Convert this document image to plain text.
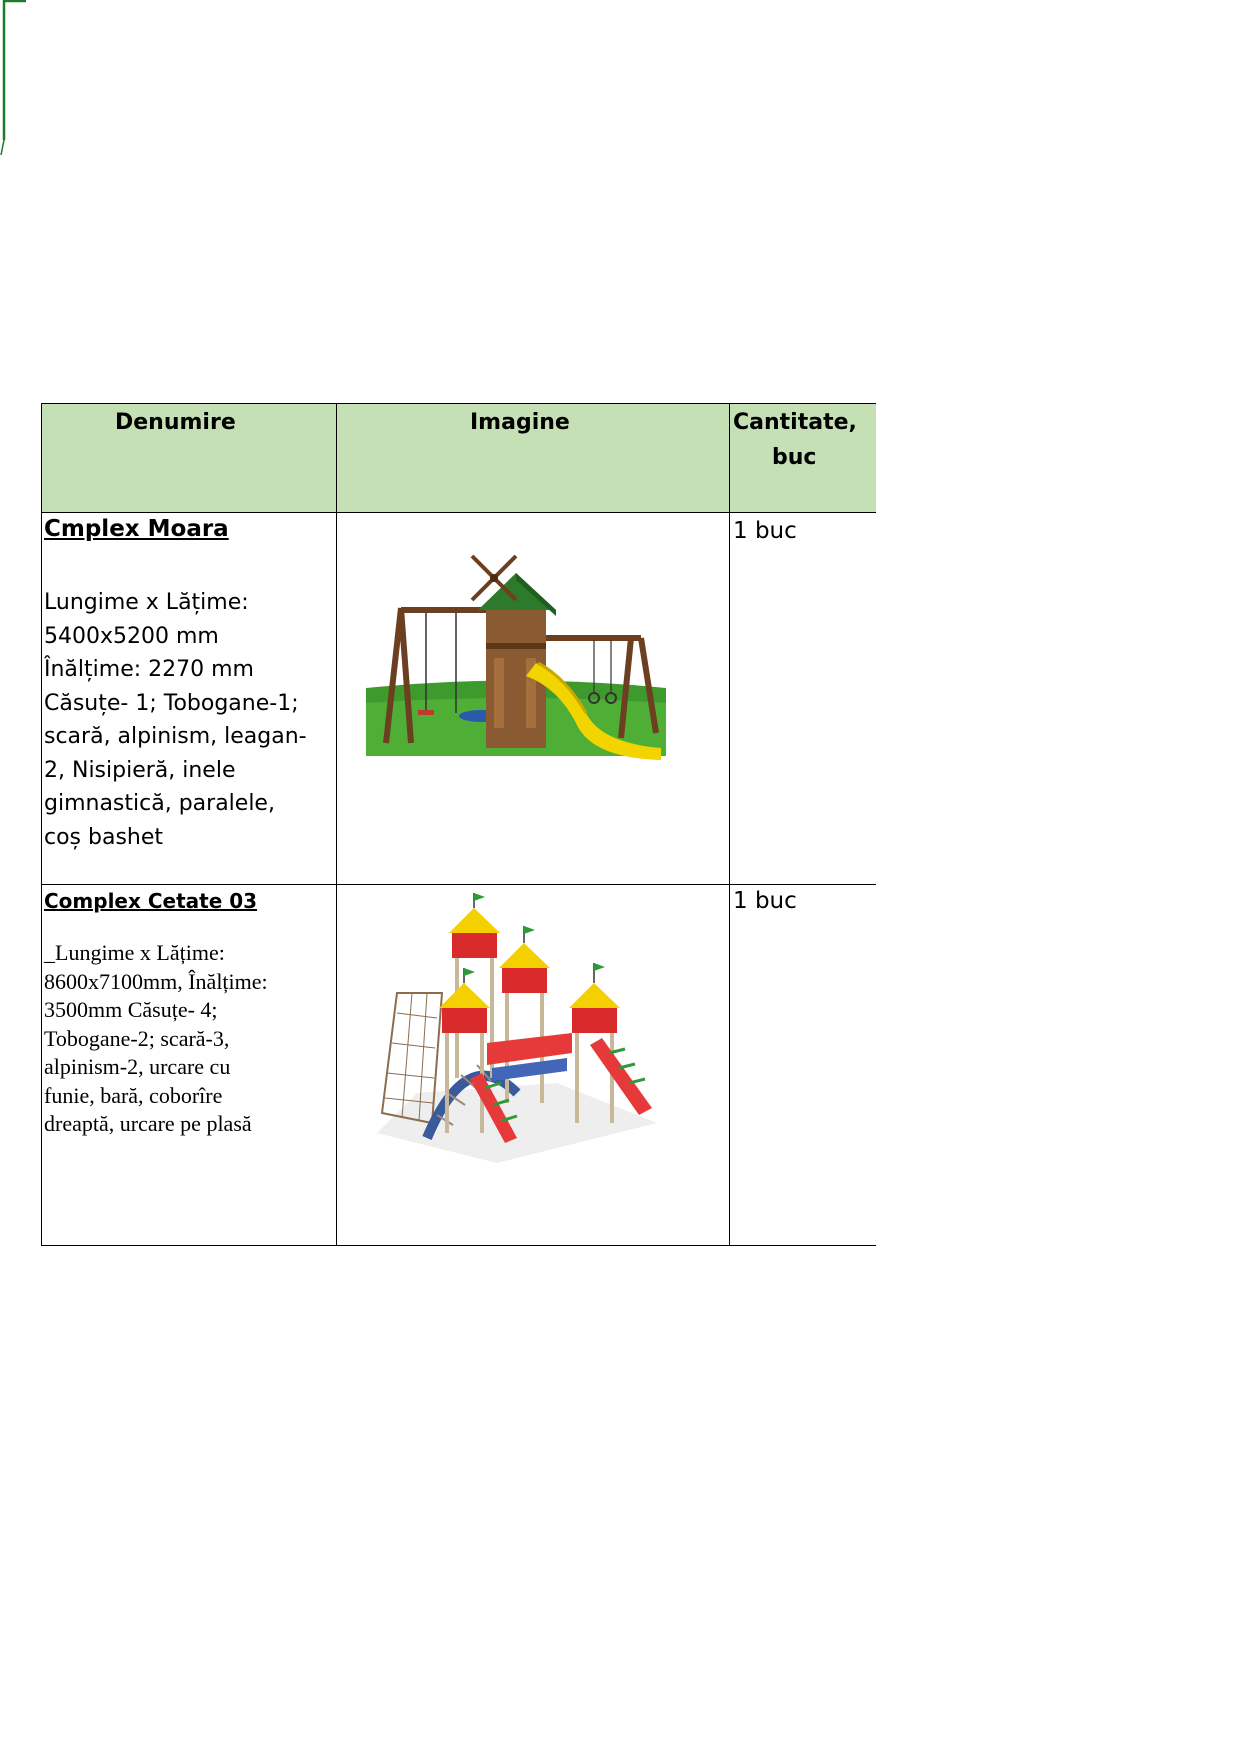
Denumire	Imagine	Cantitate,
buc
Cmplex Moara
Lungime x Lățime:
5400x5200 mm
Înălțime: 2270 mm
Căsuțe- 1; Tobogane-1;
scară, alpinism, leagan-
2, Nisipieră, inele
gimnastică, paralele,
coș bashet
1 buc
Complex Cetate 03
_Lungime x Lățime:
8600x7100mm, Înălțime:
3500mm Căsuțe- 4;
Tobogane-2; scară-3,
alpinism-2, urcare cu
funie, bară, coborîre
dreaptă, urcare pe plasă
1 buc
